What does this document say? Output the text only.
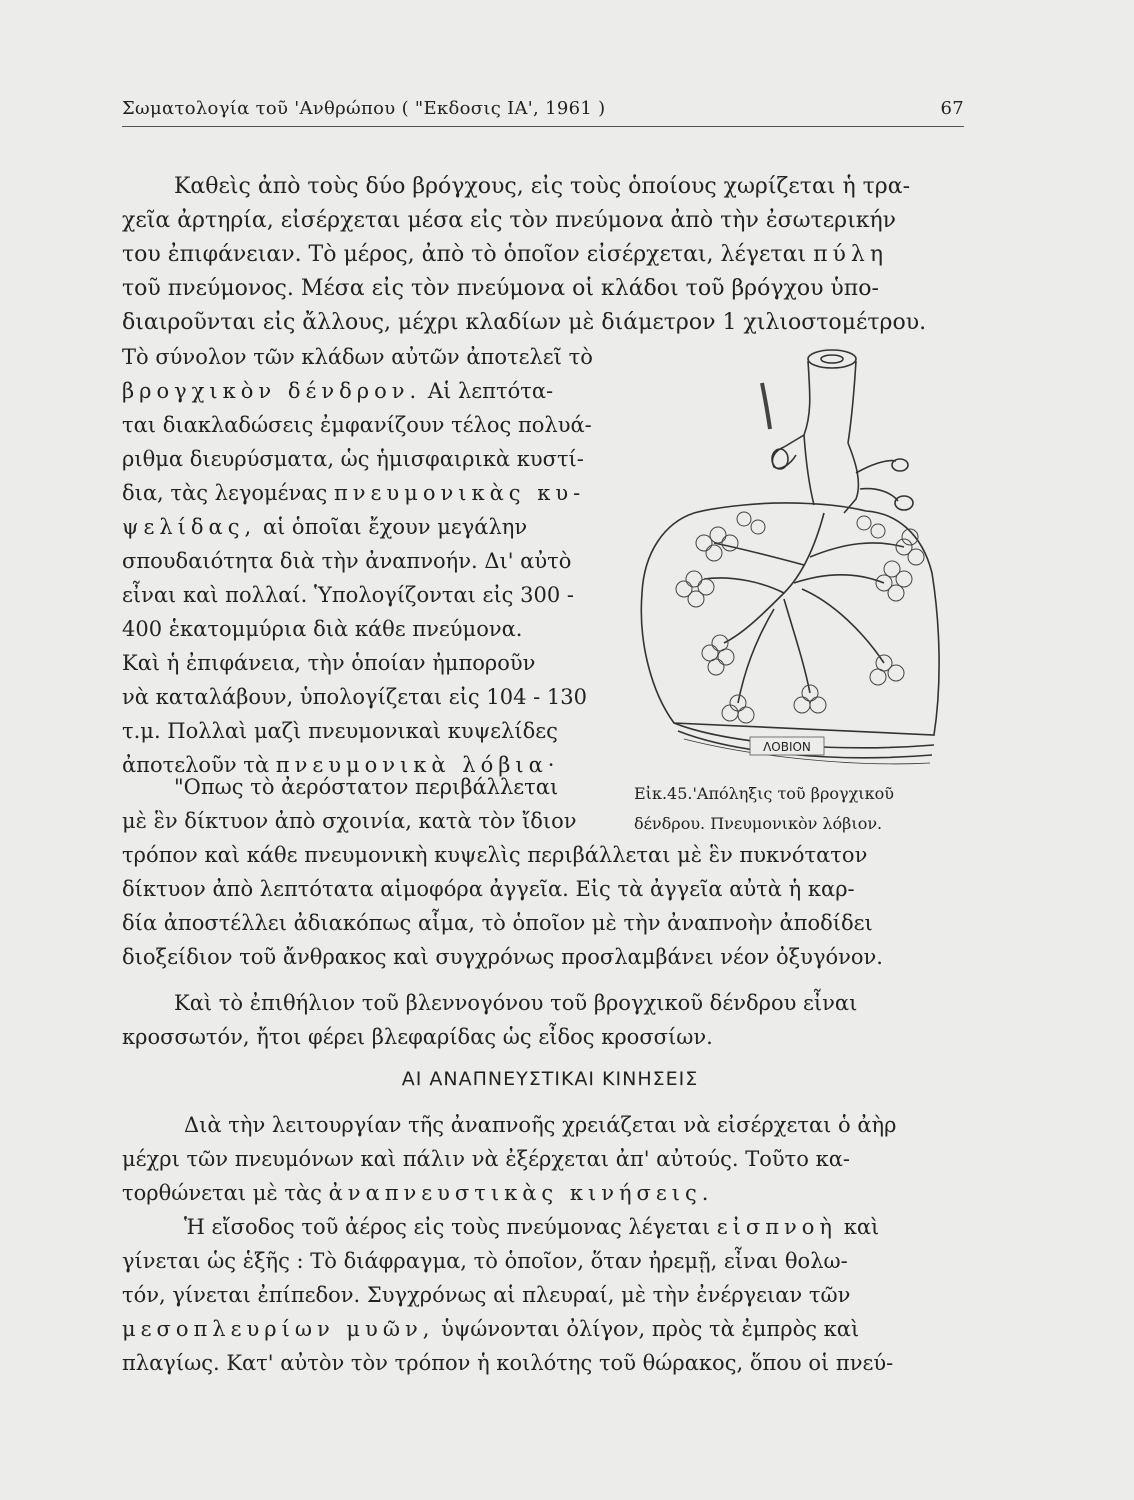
Σωματολογία τοῦ 'Ανθρώπου ( "Εκδοσις ΙΑ', 1961 )	67
Καθεὶς ἀπὸ τοὺς δύο βρόγχους, εἰς τοὺς ὁποίους χωρίζεται ἡ τρα-
χεῖα ἀρτηρία, εἰσέρχεται μέσα εἰς τὸν πνεύμονα ἀπὸ τὴν ἐσωτερικήν
του ἐπιφάνειαν. Τὸ μέρος, ἀπὸ τὸ ὁποῖον εἰσέρχεται, λέγεται πύλη
τοῦ πνεύμονος. Μέσα εἰς τὸν πνεύμονα οἱ κλάδοι τοῦ βρόγχου ὑπο-
διαιροῦνται εἰς ἄλλους, μέχρι κλαδίων μὲ διάμετρον 1 χιλιοστομέτρου.
Τὸ σύνολον τῶν κλάδων αὐτῶν ἀποτελεῖ τὸ
βρογχικὸν δένδρον. Αἱ λεπτότα-
ται διακλαδώσεις ἐμφανίζουν τέλος πολυά-
ριθμα διευρύσματα, ὡς ἡμισφαιρικὰ κυστί-
δια, τὰς λεγομένας πνευμονικὰς κυ-
ψελίδας, αἱ ὁποῖαι ἔχουν μεγάλην
σπουδαιότητα διὰ τὴν ἀναπνοήν. Δι' αὐτὸ
εἶναι καὶ πολλαί. Ὑπολογίζονται εἰς 300 -
400 ἑκατομμύρια διὰ κάθε πνεύμονα.
Καὶ ἡ ἐπιφάνεια, τὴν ὁποίαν ἠμποροῦν
νὰ καταλάβουν, ὑπολογίζεται εἰς 104 - 130
τ.μ. Πολλαὶ μαζὶ πνευμονικαὶ κυψελίδες
ἀποτελοῦν τὰ πνευμονικὰ λόβια·
ΛΟΒΙΟΝ
"Οπως τὸ ἀερόστατον περιβάλλεται
μὲ ἓν δίκτυον ἀπὸ σχοινία, κατὰ τὸν ἴδιον
τρόπον καὶ κάθε πνευμονικὴ κυψελὶς περιβάλλεται μὲ ἓν πυκνότατον
δίκτυον ἀπὸ λεπτότατα αἱμοφόρα ἀγγεῖα. Εἰς τὰ ἀγγεῖα αὐτὰ ἡ καρ-
δία ἀποστέλλει ἀδιακόπως αἷμα, τὸ ὁποῖον μὲ τὴν ἀναπνοὴν ἀποδίδει
διοξείδιον τοῦ ἄνθρακος καὶ συγχρόνως προσλαμβάνει νέον ὀξυγόνον.
Εἰκ.45.'Απόληξις τοῦ βρογχικοῦ
δένδρου. Πνευμονικὸν λόβιον.
Καὶ τὸ ἐπιθήλιον τοῦ βλεννογόνου τοῦ βρογχικοῦ δένδρου εἶναι
κροσσωτόν, ἤτοι φέρει βλεφαρίδας ὡς εἶδος κροσσίων.
ΑΙ ΑΝΑΠΝΕΥΣΤΙΚΑΙ ΚΙΝΗΣΕΙΣ
Διὰ τὴν λειτουργίαν τῆς ἀναπνοῆς χρειάζεται νὰ εἰσέρχεται ὁ ἀὴρ
μέχρι τῶν πνευμόνων καὶ πάλιν νὰ ἐξέρχεται ἀπ' αὐτούς. Τοῦτο κα-
τορθώνεται μὲ τὰς ἀναπνευστικὰς κινήσεις.
Ἡ εἴσοδος τοῦ ἀέρος εἰς τοὺς πνεύμονας λέγεται εἰσπνοὴ καὶ
γίνεται ὡς ἑξῆς : Τὸ διάφραγμα, τὸ ὁποῖον, ὅταν ἠρεμῇ, εἶναι θολω-
τόν, γίνεται ἐπίπεδον. Συγχρόνως αἱ πλευραί, μὲ τὴν ἐνέργειαν τῶν
μεσοπλευρίων μυῶν, ὑψώνονται ὀλίγον, πρὸς τὰ ἐμπρὸς καὶ
πλαγίως. Κατ' αὐτὸν τὸν τρόπον ἡ κοιλότης τοῦ θώρακος, ὅπου οἱ πνεύ-
